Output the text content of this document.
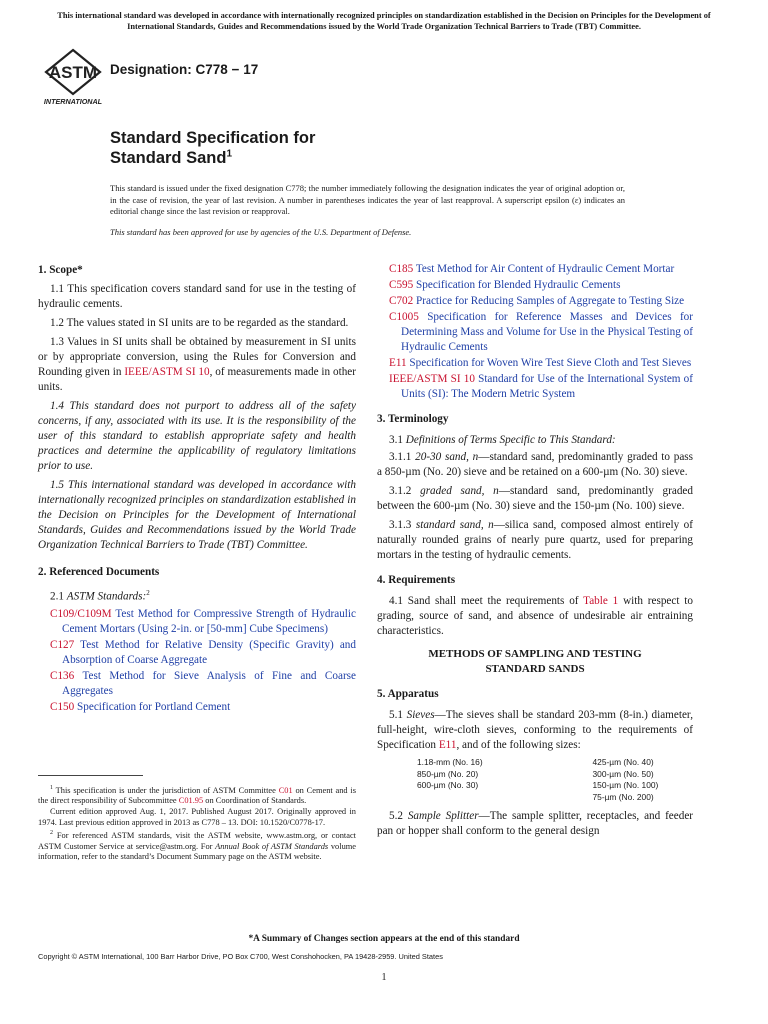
This international standard was developed in accordance with internationally recognized principles on standardization established in the Decision on Principles for the Development of International Standards, Guides and Recommendations issued by the World Trade Organization Technical Barriers to Trade (TBT) Committee.
ASTM
INTERNATIONAL
Designation: C778 − 17
Standard Specification for
Standard Sand$^1$
This standard is issued under the fixed designation C778; the number immediately following the designation indicates the year of original adoption or, in the case of revision, the year of last revision. A number in parentheses indicates the year of last reapproval. A superscript epsilon (ε) indicates an editorial change since the last revision or reapproval.
This standard has been approved for use by agencies of the U.S. Department of Defense.
1. Scope*

1.1 This specification covers standard sand for use in the testing of hydraulic cements.

1.2 The values stated in SI units are to be regarded as the standard.

1.3 Values in SI units shall be obtained by measurement in SI units or by appropriate conversion, using the Rules for Conversion and Rounding given in IEEE/ASTM SI 10, of measurements made in other units.

1.4 This standard does not purport to address all of the safety concerns, if any, associated with its use. It is the responsibility of the user of this standard to establish appropriate safety and health practices and determine the applicability of regulatory limitations prior to use.

1.5 This international standard was developed in accordance with internationally recognized principles on standardization established in the Decision on Principles for the Development of International Standards, Guides and Recommendations issued by the World Trade Organization Technical Barriers to Trade (TBT) Committee.

2. Referenced Documents

2.1 ASTM Standards:$^2$

C109/C109M Test Method for Compressive Strength of Hydraulic Cement Mortars (Using 2-in. or [50-mm] Cube Specimens)

C127 Test Method for Relative Density (Specific Gravity) and Absorption of Coarse Aggregate

C136 Test Method for Sieve Analysis of Fine and Coarse Aggregates

C150 Specification for Portland Cement

C185 Test Method for Air Content of Hydraulic Cement Mortar

C595 Specification for Blended Hydraulic Cements

C702 Practice for Reducing Samples of Aggregate to Testing Size

C1005 Specification for Reference Masses and Devices for Determining Mass and Volume for Use in the Physical Testing of Hydraulic Cements

E11 Specification for Woven Wire Test Sieve Cloth and Test Sieves

IEEE/ASTM SI 10 Standard for Use of the International System of Units (SI): The Modern Metric System

3. Terminology

3.1 Definitions of Terms Specific to This Standard:

3.1.1 20-30 sand, n—standard sand, predominantly graded to pass a 850-µm (No. 20) sieve and be retained on a 600-µm (No. 30) sieve.

3.1.2 graded sand, n—standard sand, predominantly graded between the 600-µm (No. 30) sieve and the 150-µm (No. 100) sieve.

3.1.3 standard sand, n—silica sand, composed almost entirely of naturally rounded grains of nearly pure quartz, used for preparing mortars in the testing of hydraulic cements.

4. Requirements

4.1 Sand shall meet the requirements of Table 1 with respect to grading, source of sand, and absence of undesirable air entraining characteristics.

METHODS OF SAMPLING AND TESTING
STANDARD SANDS
5. Apparatus

5.1 Sieves—The sieves shall be standard 203-mm (8-in.) diameter, full-height, wire-cloth sieves, conforming to the requirements of Specification E11, and of the following sizes:

1.18-mm (No. 16)
850-µm (No. 20)
600-µm (No. 30)
425-µm (No. 40)
300-µm (No. 50)
150-µm (No. 100)
75-µm (No. 200)

5.2 Sample Splitter—The sample splitter, receptacles, and feeder pan or hopper shall conform to the general design

$^1$ This specification is under the jurisdiction of ASTM Committee C01 on Cement and is the direct responsibility of Subcommittee C01.95 on Coordination of Standards.

Current edition approved Aug. 1, 2017. Published August 2017. Originally approved in 1974. Last previous edition approved in 2013 as C778 – 13. DOI: 10.1520/C0778-17.

$^2$ For referenced ASTM standards, visit the ASTM website, www.astm.org, or contact ASTM Customer Service at service@astm.org. For Annual Book of ASTM Standards volume information, refer to the standard’s Document Summary page on the ASTM website.

*A Summary of Changes section appears at the end of this standard
Copyright © ASTM International, 100 Barr Harbor Drive, PO Box C700, West Conshohocken, PA 19428-2959. United States
1
